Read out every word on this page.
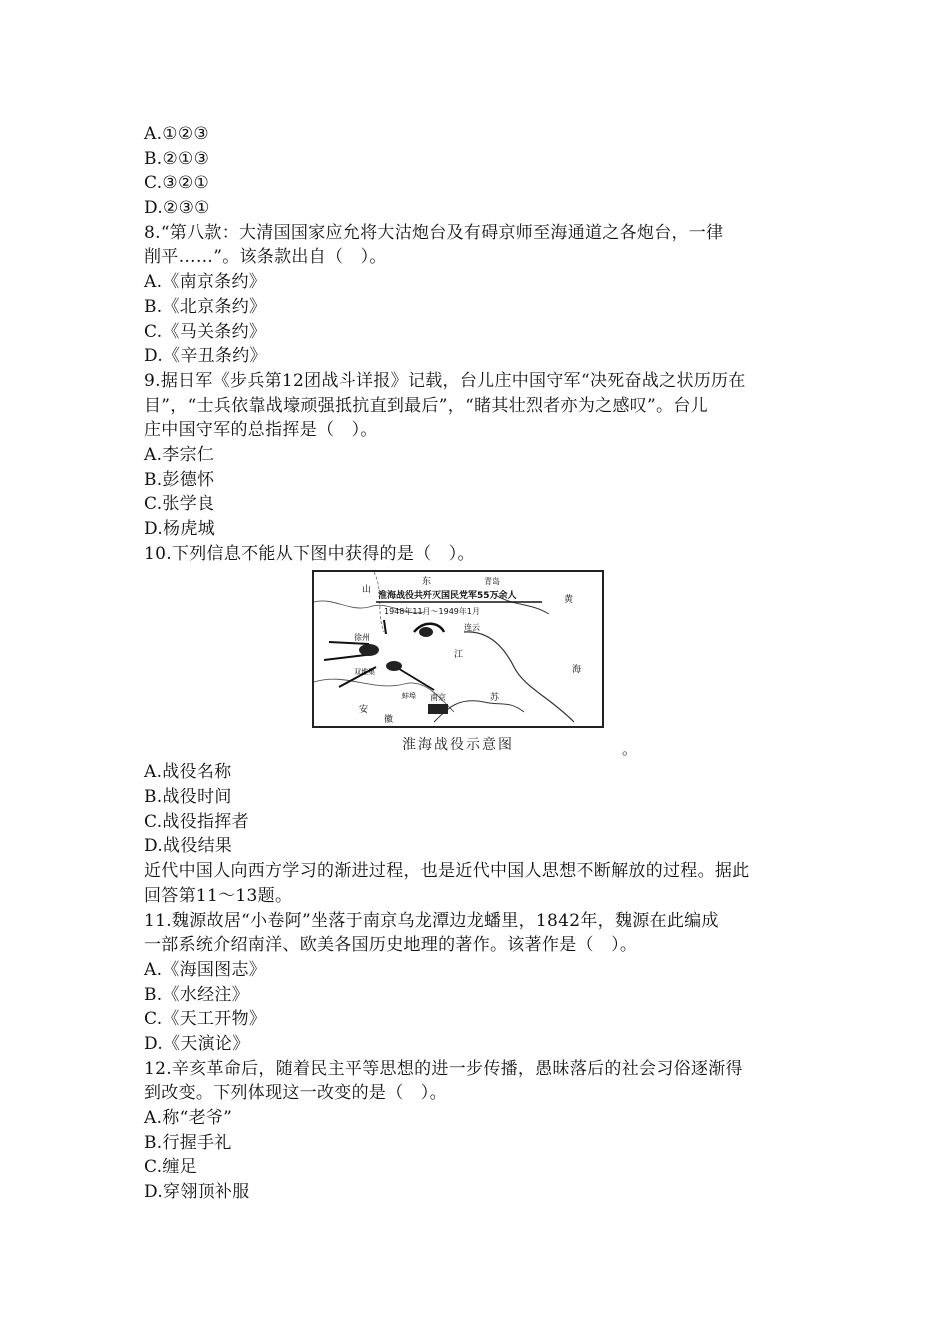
A.①②③
B.②①③
C.③②①
D.②③①
8.“第八款：大清国国家应允将大沽炮台及有碍京师至海通道之各炮台，一律
削平……”。该条款出自（　）。
A.《南京条约》
B.《北京条约》
C.《马关条约》
D.《辛丑条约》
9.据日军《步兵第12团战斗详报》记载，台儿庄中国守军“决死奋战之状历历在
目”，“士兵依靠战壕顽强抵抗直到最后”，“睹其壮烈者亦为之感叹”。台儿
庄中国守军的总指挥是（　）。
A.李宗仁
B.彭德怀
C.张学良
D.杨虎城
10.下列信息不能从下图中获得的是（　）。
淮海战役共歼灭国民党军55万余人
1948年11月～1949年1月
山
东	青岛
徐州
连云
双堆集
蚌埠 南京
江
苏
海
黄
安
徽
淮海战役示意图	。
A.战役名称
B.战役时间
C.战役指挥者
D.战役结果
近代中国人向西方学习的渐进过程，也是近代中国人思想不断解放的过程。据此
回答第11～13题。
11.魏源故居“小卷阿”坐落于南京乌龙潭边龙蟠里，1842年，魏源在此编成
一部系统介绍南洋、欧美各国历史地理的著作。该著作是（　）。
A.《海国图志》
B.《水经注》
C.《天工开物》
D.《天演论》
12.辛亥革命后，随着民主平等思想的进一步传播，愚昧落后的社会习俗逐渐得
到改变。下列体现这一改变的是（　）。
A.称“老爷”
B.行握手礼
C.缠足
D.穿翎顶补服
